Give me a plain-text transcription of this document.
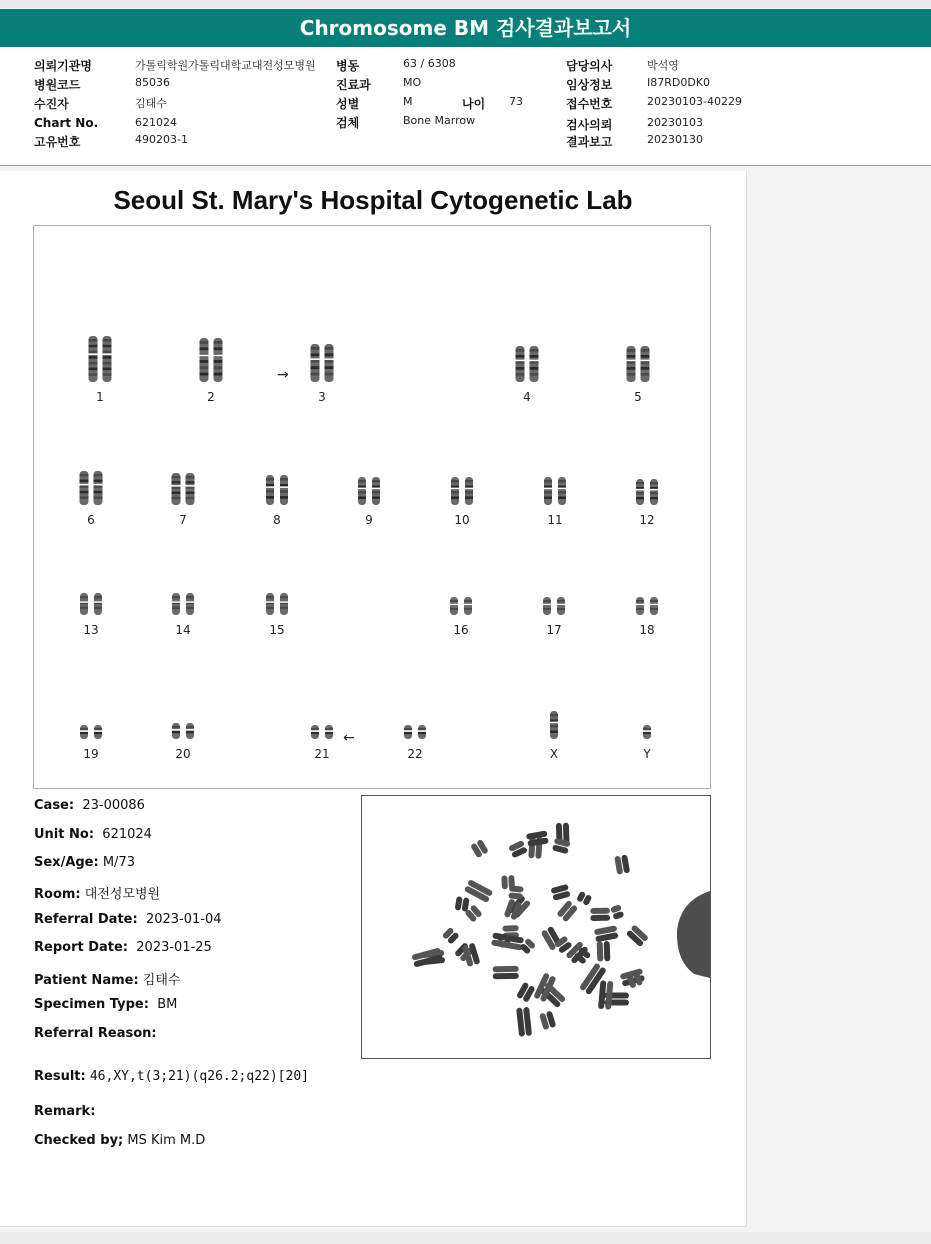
Chromosome BM 검사결과보고서
의뢰기관명	가톨릭학원가톨릭대학교대전성모병원
병원코드	85036
수진자	김태수
Chart No.	621024
고유번호	490203-1
병동	63 / 6308
진료과	MO
성별	M	나이 73
검체	Bone Marrow
담당의사	박석영
임상정보	I87RD0DK0
접수번호	20230103-40229
검사의뢰	20230103
결과보고	20230130
Seoul St. Mary's Hospital Cytogenetic Lab
→
←
1	2	3	4	5
6	7	8	9	10	11	12
13	14	15	16	17	18
19	20	21	22	X	Y
Case: 23-00086
Unit No: 621024
Sex/Age: M/73
Room: 대전성모병원
Referral Date: 2023-01-04
Report Date: 2023-01-25
Patient Name: 김태수
Specimen Type: BM
Referral Reason:
Result: 46,XY,t(3;21)(q26.2;q22)[20]
Remark:
Checked by; MS Kim M.D
